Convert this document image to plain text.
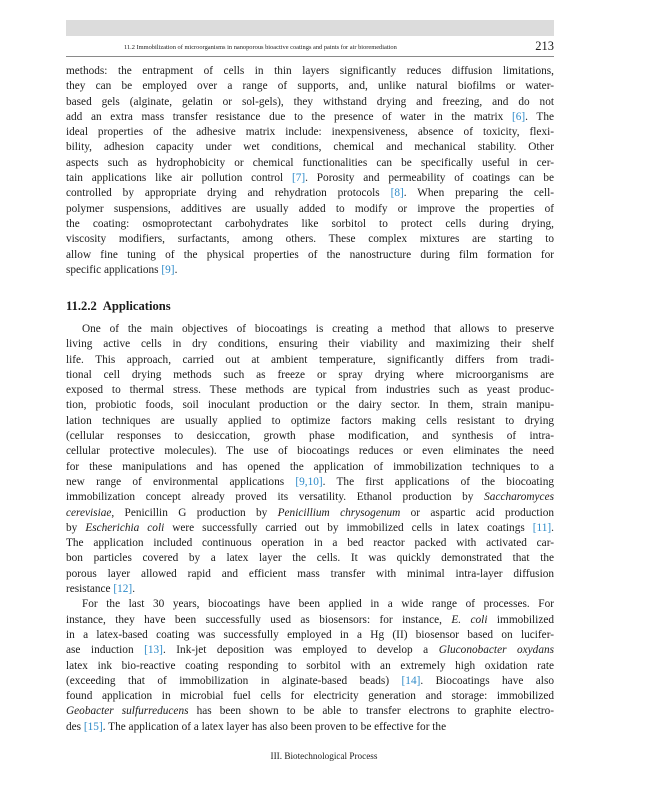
11.2 Immobilization of microorganisms in nanoporous bioactive coatings and paints for air bioremediation	213
methods: the entrapment of cells in thin layers significantly reduces diffusion limitations,
they can be employed over a range of supports, and, unlike natural biofilms or water-
based gels (alginate, gelatin or sol-gels), they withstand drying and freezing, and do not
add an extra mass transfer resistance due to the presence of water in the matrix [6]. The
ideal properties of the adhesive matrix include: inexpensiveness, absence of toxicity, flexi-
bility, adhesion capacity under wet conditions, chemical and mechanical stability. Other
aspects such as hydrophobicity or chemical functionalities can be specifically useful in cer-
tain applications like air pollution control [7]. Porosity and permeability of coatings can be
controlled by appropriate drying and rehydration protocols [8]. When preparing the cell-
polymer suspensions, additives are usually added to modify or improve the properties of
the coating: osmoprotectant carbohydrates like sorbitol to protect cells during drying,
viscosity modifiers, surfactants, among others. These complex mixtures are starting to
allow fine tuning of the physical properties of the nanostructure during film formation for
specific applications [9].
11.2.2 Applications
One of the main objectives of biocoatings is creating a method that allows to preserve
living active cells in dry conditions, ensuring their viability and maximizing their shelf
life. This approach, carried out at ambient temperature, significantly differs from tradi-
tional cell drying methods such as freeze or spray drying where microorganisms are
exposed to thermal stress. These methods are typical from industries such as yeast produc-
tion, probiotic foods, soil inoculant production or the dairy sector. In them, strain manipu-
lation techniques are usually applied to optimize factors making cells resistant to drying
(cellular responses to desiccation, growth phase modification, and synthesis of intra-
cellular protective molecules). The use of biocoatings reduces or even eliminates the need
for these manipulations and has opened the application of immobilization techniques to a
new range of environmental applications [9,10]. The first applications of the biocoating
immobilization concept already proved its versatility. Ethanol production by Saccharomyces
cerevisiae, Penicillin G production by Penicillium chrysogenum or aspartic acid production
by Escherichia coli were successfully carried out by immobilized cells in latex coatings [11].
The application included continuous operation in a bed reactor packed with activated car-
bon particles covered by a latex layer the cells. It was quickly demonstrated that the
porous layer allowed rapid and efficient mass transfer with minimal intra-layer diffusion
resistance [12].
For the last 30 years, biocoatings have been applied in a wide range of processes. For
instance, they have been successfully used as biosensors: for instance, E. coli immobilized
in a latex-based coating was successfully employed in a Hg (II) biosensor based on lucifer-
ase induction [13]. Ink-jet deposition was employed to develop a Gluconobacter oxydans
latex ink bio-reactive coating responding to sorbitol with an extremely high oxidation rate
(exceeding that of immobilization in alginate-based beads) [14]. Biocoatings have also
found application in microbial fuel cells for electricity generation and storage: immobilized
Geobacter sulfurreducens has been shown to be able to transfer electrons to graphite electro-
des [15]. The application of a latex layer has also been proven to be effective for the
III. Biotechnological Process
